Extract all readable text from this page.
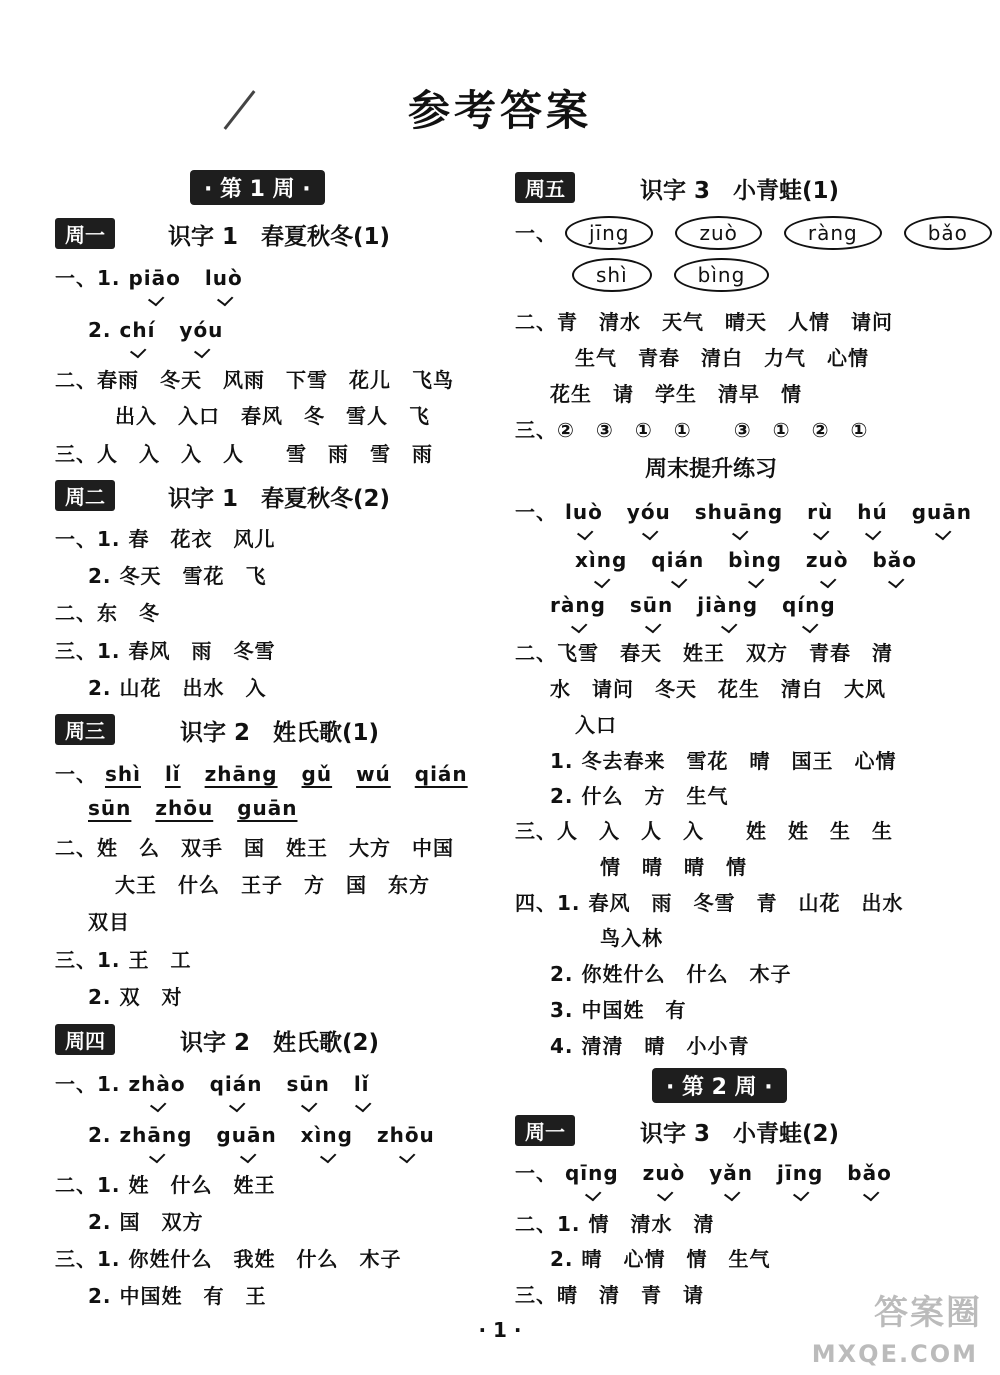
参考答案
· 第 1 周 ·
周一	识字 1　春夏秋冬(1)
一、1. piāo luò
2. chí yóu
二、春雨　冬天　风雨　下雪　花儿　飞鸟
出入　入口　春风　冬　雪人　飞
三、人　入　入　人　　雪　雨　雪　雨
周二	识字 1　春夏秋冬(2)
一、1. 春　花衣　风儿
2. 冬天　雪花　飞
二、东　冬
三、1. 春风　雨　冬雪
2. 山花　出水　入
周三	识字 2　姓氏歌(1)
一、 shì lǐ zhāng gǔ wú qián
sūn zhōu guān
二、姓　么　双手　国　姓王　大方　中国
大王　什么　王子　方　国　东方
双目
三、1. 王　工
2. 双　对
周四	识字 2　姓氏歌(2)
一、1. zhào qián sūn lǐ
2. zhāng guān xìng zhōu
二、1. 姓　什么　姓王
2. 国　双方
三、1. 你姓什么　我姓　什么　木子
2. 中国姓　有　王
周五	识字 3　小青蛙(1)
一、 jīng	zuò	ràng	bǎo
shì	bìng
二、青　清水　天气　晴天　人情　请问
生气　青春　清白　力气　心情
花生　请　学生　清早　情
三、②　③　①　①　　③　①　②　①
周末提升练习
一、 luò yóu shuāng rù hú guān
xìng qián bìng zuò bǎo
ràng sūn jiàng qíng
二、飞雪　春天　姓王　双方　青春　清
水　请问　冬天　花生　清白　大风
入口
1. 冬去春来　雪花　晴　国王　心情
2. 什么　方　生气
三、人　入　人　入　　姓　姓　生　生
情　晴　晴　情
四、1. 春风　雨　冬雪　青　山花　出水
鸟入林
2. 你姓什么　什么　木子
3. 中国姓　有
4. 清清　晴　小小青
· 第 2 周 ·
周一	识字 3　小青蛙(2)
一、 qīng zuò yǎn jīng bǎo
二、1. 情　清水　清
2. 晴　心情　情　生气
三、晴　清　青　请
· 1 ·	答案圈
MXQE.COM
